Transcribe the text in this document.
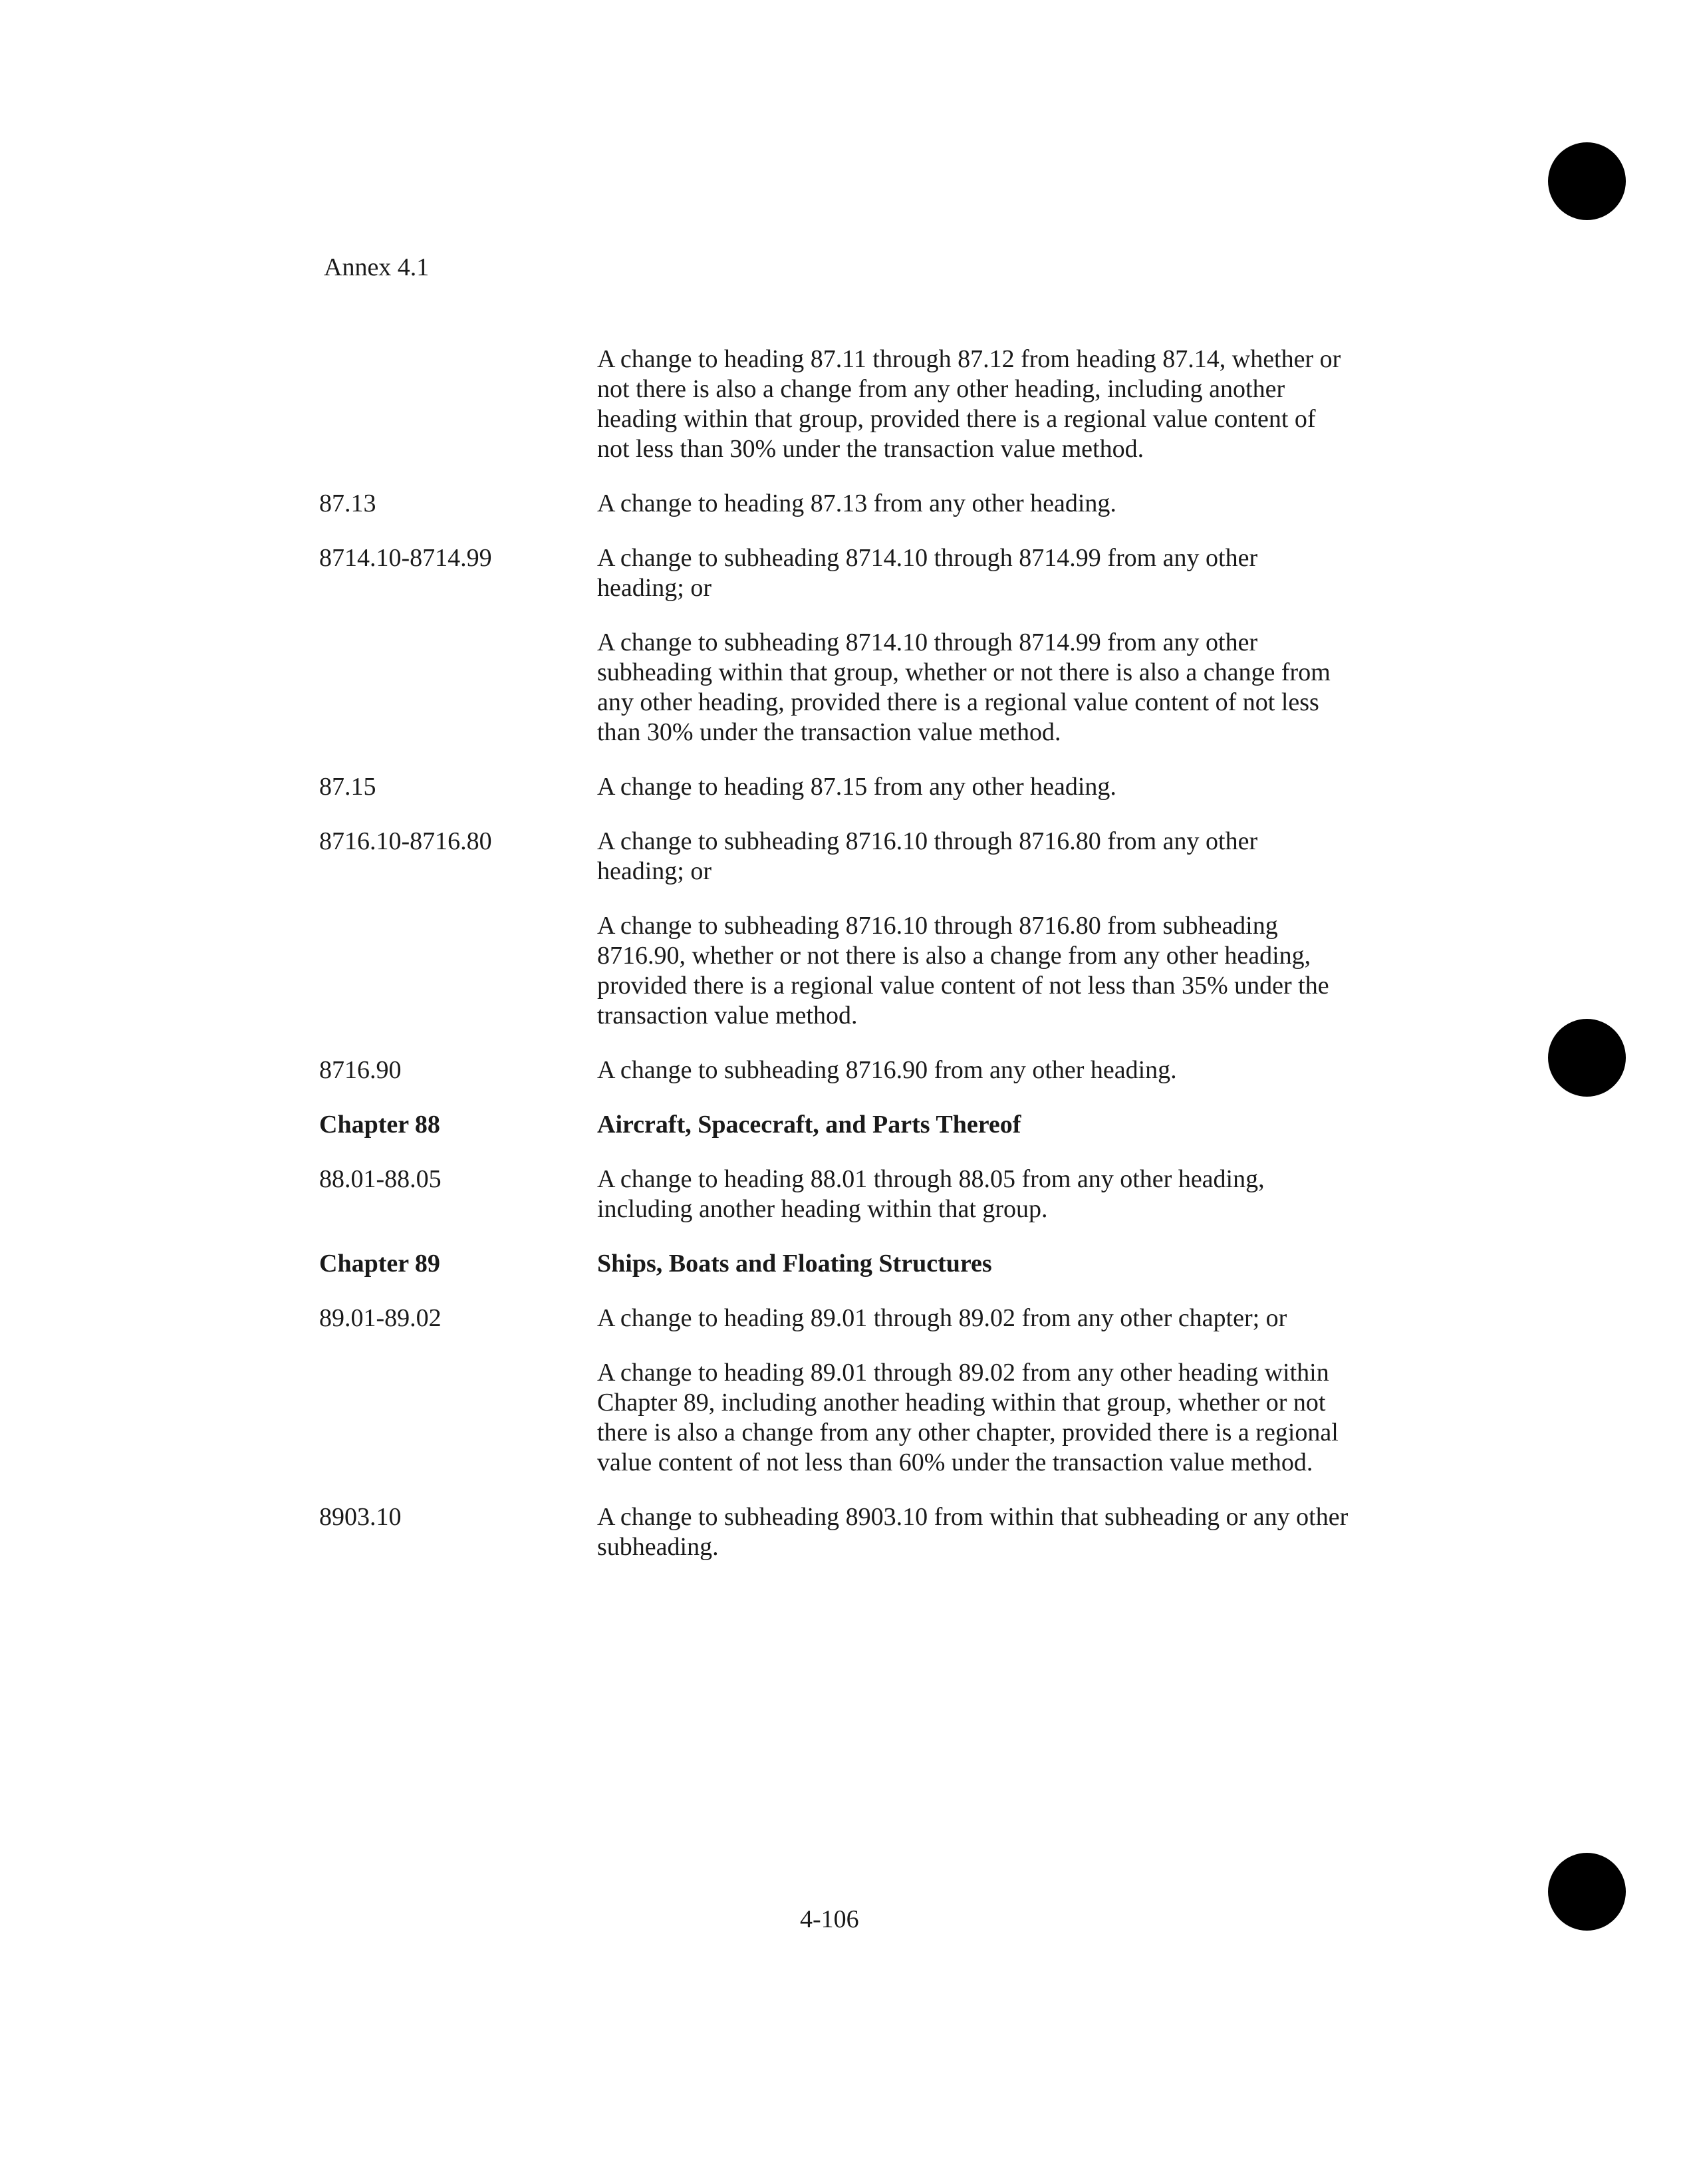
Annex 4.1
A change to heading 87.11 through 87.12 from heading 87.14, whether or not there is also a change from any other heading, including another heading within that group, provided there is a regional value content of not less than 30% under the transaction value method.
87.13	A change to heading 87.13 from any other heading.
8714.10-8714.99	A change to subheading 8714.10 through 8714.99 from any other heading; or
A change to subheading 8714.10 through 8714.99 from any other subheading within that group, whether or not there is also a change from any other heading, provided there is a regional value content of not less than 30% under the transaction value method.
87.15	A change to heading 87.15 from any other heading.
8716.10-8716.80	A change to subheading 8716.10 through 8716.80 from any other heading; or
A change to subheading 8716.10 through 8716.80 from subheading 8716.90, whether or not there is also a change from any other heading, provided there is a regional value content of not less than 35% under the transaction value method.
8716.90	A change to subheading 8716.90 from any other heading.
Chapter 88	Aircraft, Spacecraft, and Parts Thereof
88.01-88.05	A change to heading 88.01 through 88.05 from any other heading, including another heading within that group.
Chapter 89	Ships, Boats and Floating Structures
89.01-89.02	A change to heading 89.01 through 89.02 from any other chapter; or
A change to heading 89.01 through 89.02 from any other heading within Chapter 89, including another heading within that group, whether or not there is also a change from any other chapter, provided there is a regional value content of not less than 60% under the transaction value method.
8903.10	A change to subheading 8903.10 from within that subheading or any other subheading.
4-106
